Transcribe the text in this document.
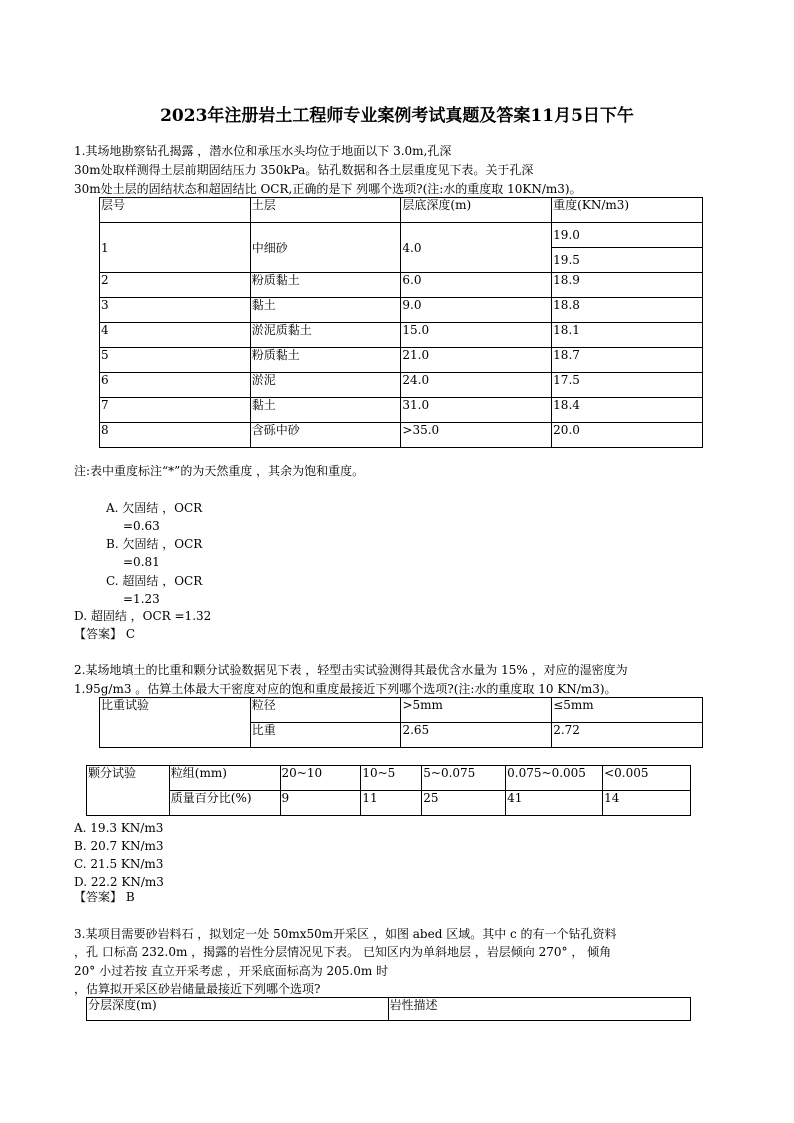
2023年注册岩土工程师专业案例考试真题及答案11月5日下午
1.其场地勘察钻孔揭露 ，潜水位和承压水头均位于地面以下 3.0m,孔深
30m处取样测得土层前期固结压力 350kPa。钻孔数据和各土层重度见下表。关于孔深
30m处土层的固结状态和超固结比 OCR,正确的是下 列哪个选项?(注:水的重度取 10KN/m3)。
层号	土层	层底深度(m)	重度(KN/m3)
1	中细砂	4.0	19.0
			19.5
2	粉质黏土	6.0	18.9
3	黏土	9.0	18.8
4	淤泥质黏土	15.0	18.1
5	粉质黏土	21.0	18.7
6	淤泥	24.0	17.5
7	黏土	31.0	18.4
8	含砾中砂	>35.0	20.0
注:表中重度标注“*”的为天然重度 ，其余为饱和重度。
A. 欠固结 ，OCR
=0.63
B. 欠固结 ，OCR
=0.81
C. 超固结 ，OCR
=1.23
D. 超固结 ，OCR =1.32
【答案】 C
2.某场地填土的比重和颗分试验数据见下表 ，轻型击实试验测得其最优含水量为 15% ，对应的湿密度为
1.95g/m3 。估算土体最大干密度对应的饱和重度最接近下列哪个选项?(注:水的重度取 10 KN/m3)。
比重试验	粒径	>5mm	≤5mm
	比重	2.65	2.72
颗分试验	粒组(mm)	20~10	10~5	5~0.075	0.075~0.005	<0.005
	质量百分比(%)	9	11	25	41	14
A. 19.3 KN/m3
B. 20.7 KN/m3
C. 21.5 KN/m3
D. 22.2 KN/m3
【答案】 B
3.某项目需要砂岩料石 ，拟划定一处 50mx50m开采区 ，如图 abed 区域。其中 c 的有一个钻孔资料
，孔 口标高 232.0m ，揭露的岩性分层情况见下表。 已知区内为单斜地层 ，岩层倾向 270° ， 倾角
20° 小过若按 直立开采考虑 ，开采底面标高为 205.0m 时
，估算拟开采区砂岩储量最接近下列哪个选项?
分层深度(m)	岩性描述
